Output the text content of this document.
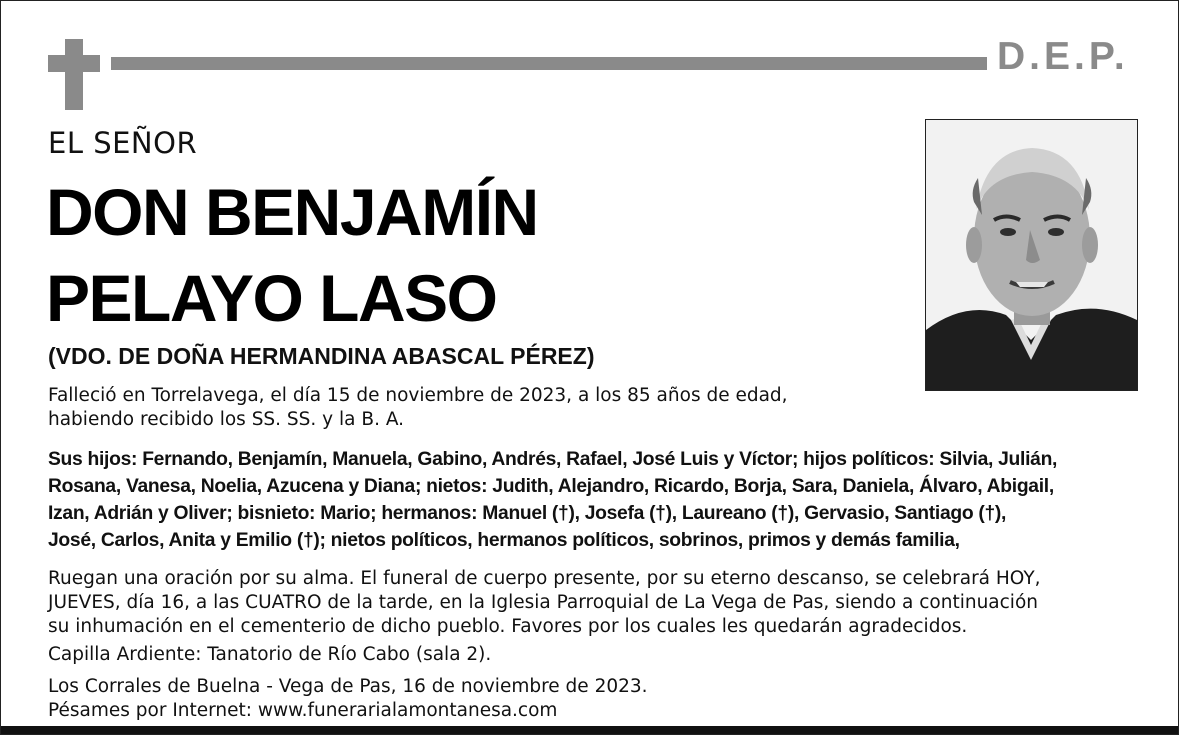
D.E.P.
EL SEÑOR
DON BENJAMÍN
PELAYO LASO
(VDO. DE DOÑA HERMANDINA ABASCAL PÉREZ)
Falleció en Torrelavega, el día 15 de noviembre de 2023, a los 85 años de edad,
habiendo recibido los SS. SS. y la B. A.
Sus hijos: Fernando, Benjamín, Manuela, Gabino, Andrés, Rafael, José Luis y Víctor; hijos políticos: Silvia, Julián,
Rosana, Vanesa, Noelia, Azucena y Diana; nietos: Judith, Alejandro, Ricardo, Borja, Sara, Daniela, Álvaro, Abigail,
Izan, Adrián y Oliver; bisnieto: Mario; hermanos: Manuel (†), Josefa (†), Laureano (†), Gervasio, Santiago (†),
José, Carlos, Anita y Emilio (†); nietos políticos, hermanos políticos, sobrinos, primos y demás familia,
Ruegan una oración por su alma. El funeral de cuerpo presente, por su eterno descanso, se celebrará HOY,
JUEVES, día 16, a las CUATRO de la tarde, en la Iglesia Parroquial de La Vega de Pas, siendo a continuación
su inhumación en el cementerio de dicho pueblo. Favores por los cuales les quedarán agradecidos.
Capilla Ardiente: Tanatorio de Río Cabo (sala 2).
Los Corrales de Buelna - Vega de Pas, 16 de noviembre de 2023.
Pésames por Internet: www.funerarialamontanesa.com
